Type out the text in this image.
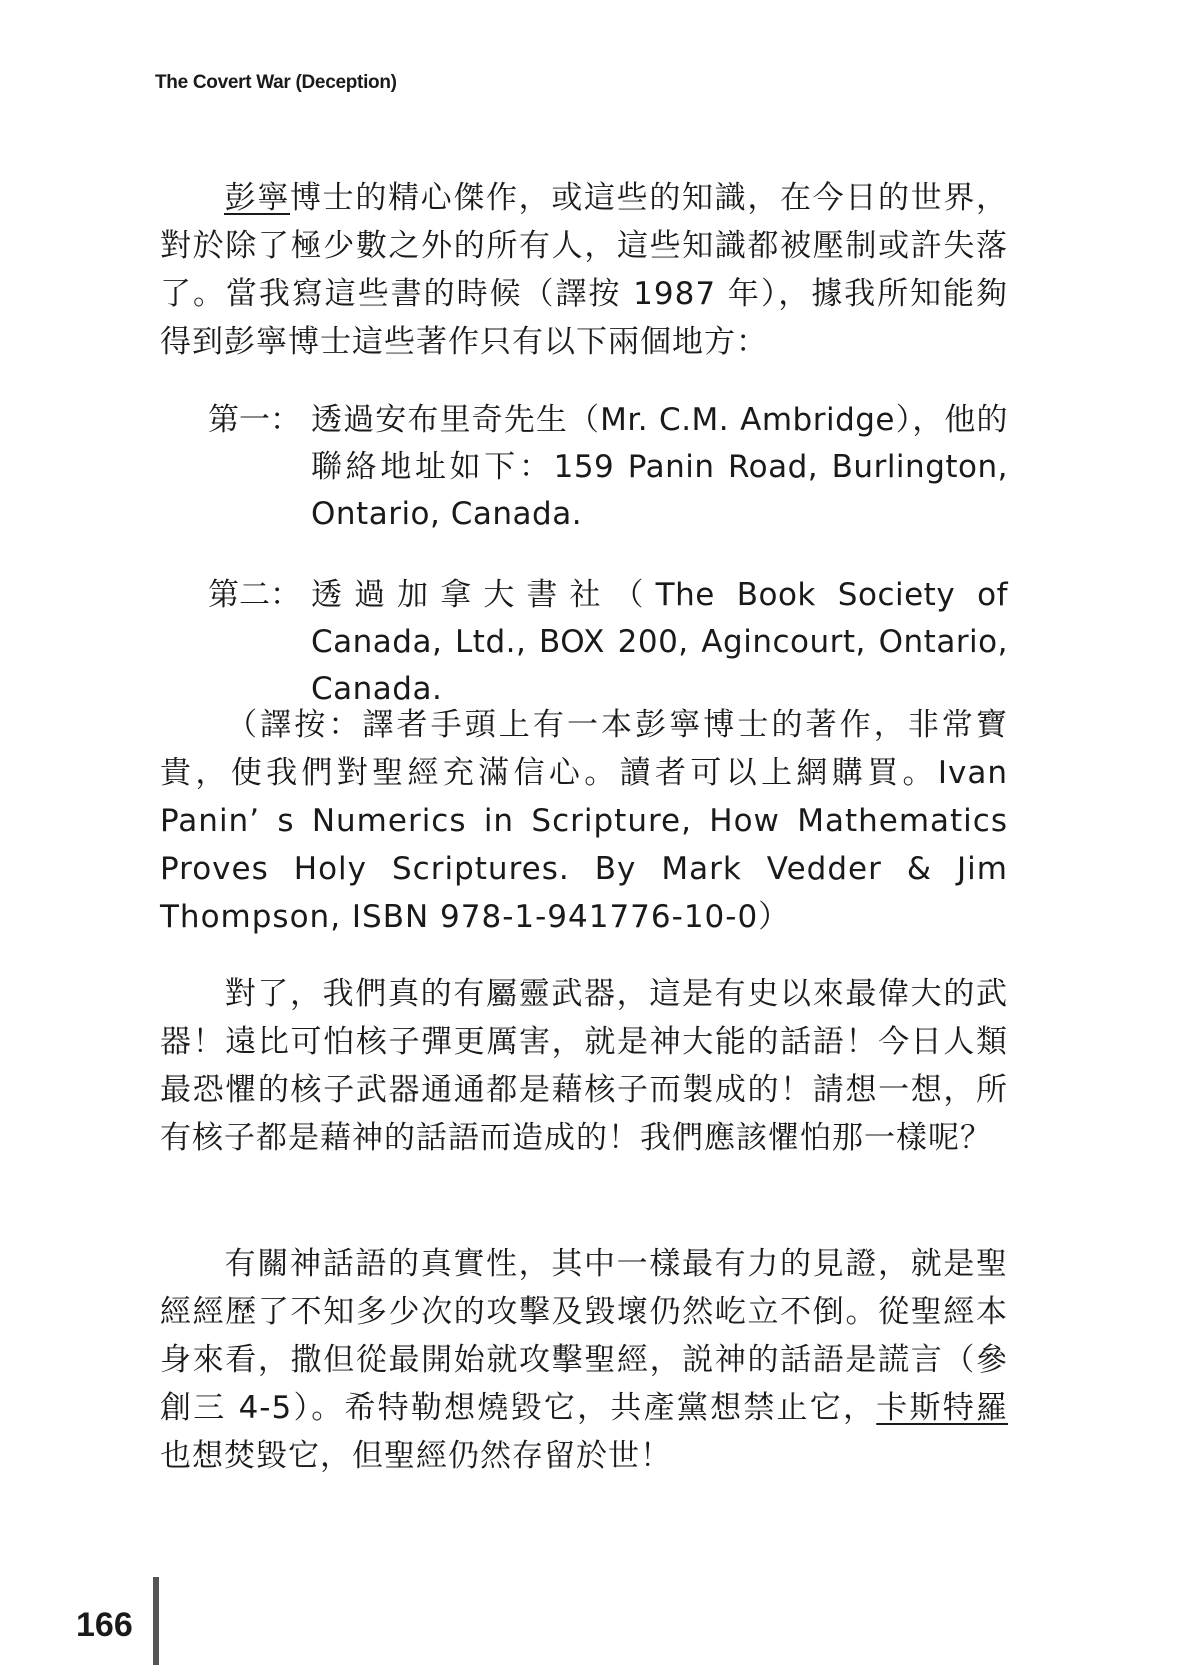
The Covert War (Deception)
彭寧博士的精心傑作，或這些的知識，在今日的世界，對於除了極少數之外的所有人，這些知識都被壓制或許失落了。當我寫這些書的時候（譯按 1987 年），據我所知能夠得到彭寧博士這些著作只有以下兩個地方：
第一： 透過安布里奇先生（Mr. C.M. Ambridge），他的聯絡地址如下：159 Panin Road, Burlington, Ontario, Canada.
第二： 透過加拿大書社（The Book Society of Canada, Ltd., BOX 200, Agincourt, Ontario, Canada.
（譯按：譯者手頭上有一本彭寧博士的著作，非常寶貴，使我們對聖經充滿信心。讀者可以上網購買。Ivan Panin’ s Numerics in Scripture, How Mathematics Proves Holy Scriptures. By Mark Vedder & Jim Thompson, ISBN 978-1-941776-10-0）
對了，我們真的有屬靈武器，這是有史以來最偉大的武器！遠比可怕核子彈更厲害，就是神大能的話語！今日人類最恐懼的核子武器通通都是藉核子而製成的！請想一想，所有核子都是藉神的話語而造成的！我們應該懼怕那一樣呢？
有關神話語的真實性，其中一樣最有力的見證，就是聖經經歷了不知多少次的攻擊及毀壞仍然屹立不倒。從聖經本身來看，撒但從最開始就攻擊聖經，説神的話語是謊言（參創三 4-5）。希特勒想燒毀它，共產黨想禁止它，卡斯特羅也想焚毀它，但聖經仍然存留於世！
166
